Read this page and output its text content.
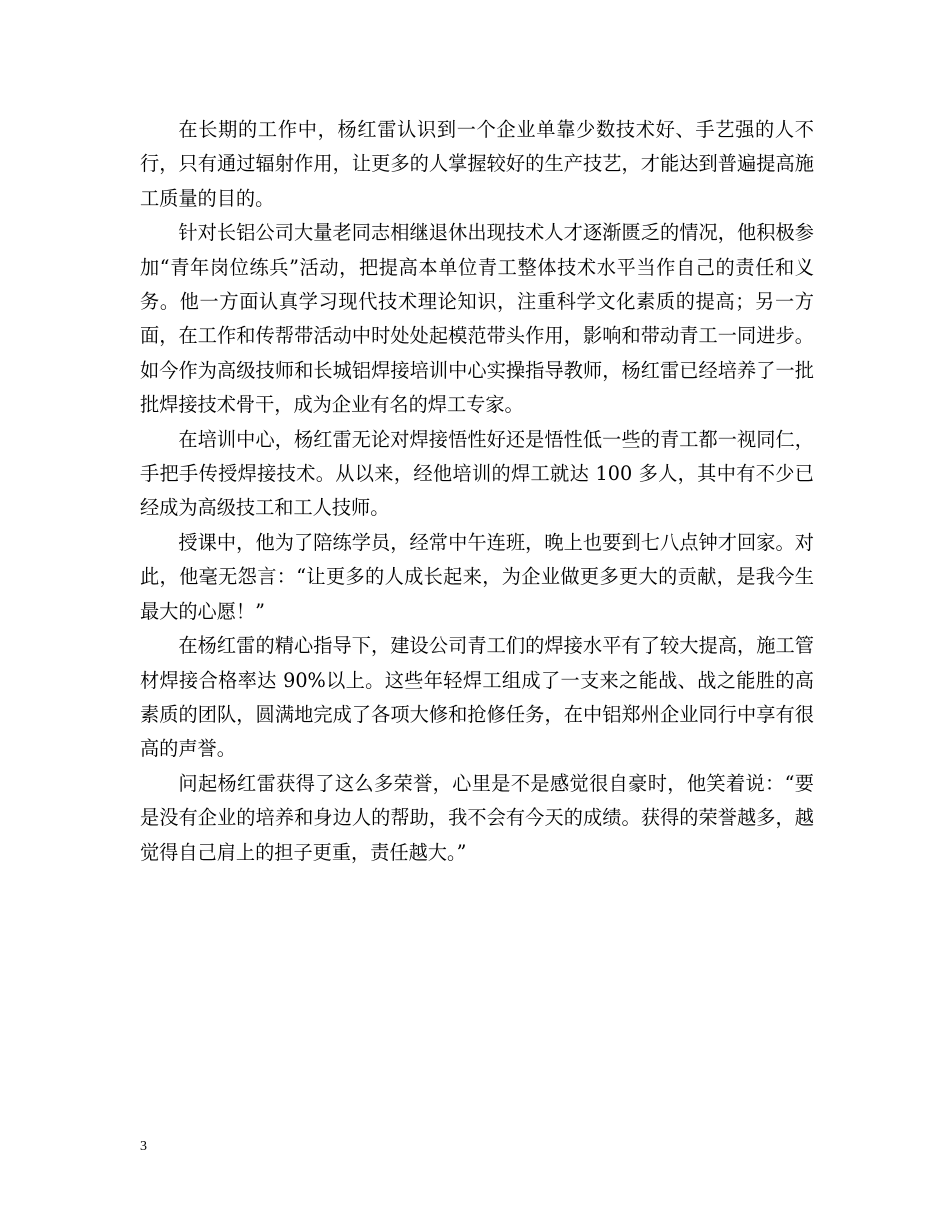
在长期的工作中，杨红雷认识到一个企业单靠少数技术好、手艺强的人不行，只有通过辐射作用，让更多的人掌握较好的生产技艺，才能达到普遍提高施工质量的目的。

针对长铝公司大量老同志相继退休出现技术人才逐渐匮乏的情况，他积极参加“青年岗位练兵”活动，把提高本单位青工整体技术水平当作自己的责任和义务。他一方面认真学习现代技术理论知识，注重科学文化素质的提高；另一方面，在工作和传帮带活动中时处处起模范带头作用，影响和带动青工一同进步。如今作为高级技师和长城铝焊接培训中心实操指导教师，杨红雷已经培养了一批批焊接技术骨干，成为企业有名的焊工专家。

在培训中心，杨红雷无论对焊接悟性好还是悟性低一些的青工都一视同仁，手把手传授焊接技术。从以来，经他培训的焊工就达 100 多人，其中有不少已经成为高级技工和工人技师。

授课中，他为了陪练学员，经常中午连班，晚上也要到七八点钟才回家。对此，他毫无怨言：“让更多的人成长起来，为企业做更多更大的贡献，是我今生最大的心愿！”

在杨红雷的精心指导下，建设公司青工们的焊接水平有了较大提高，施工管材焊接合格率达 90%以上。这些年轻焊工组成了一支来之能战、战之能胜的高素质的团队，圆满地完成了各项大修和抢修任务，在中铝郑州企业同行中享有很高的声誉。

问起杨红雷获得了这么多荣誉，心里是不是感觉很自豪时，他笑着说：“要是没有企业的培养和身边人的帮助，我不会有今天的成绩。获得的荣誉越多，越觉得自己肩上的担子更重，责任越大。”

3
